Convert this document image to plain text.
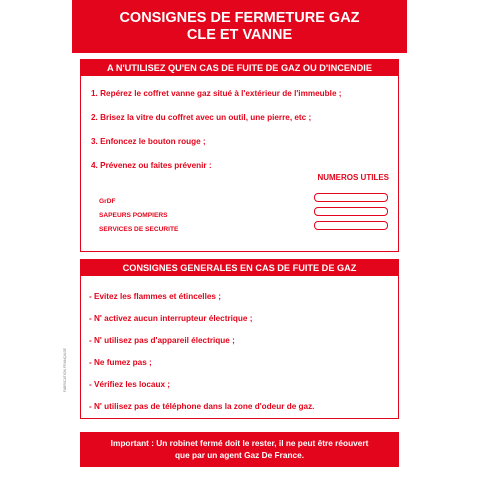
CONSIGNES DE FERMETURE GAZ
CLE ET VANNE
A N'UTILISEZ QU'EN CAS DE FUITE DE GAZ OU D'INCENDIE
1. Repérez le coffret vanne gaz situé à l'extérieur de l'immeuble ;
2. Brisez la vitre du coffret avec un outil, une pierre, etc ;
3. Enfoncez le bouton rouge ;
4. Prévenez ou faites prévenir :
NUMEROS UTILES
GrDF
SAPEURS POMPIERS
SERVICES DE SECURITE
CONSIGNES GENERALES EN CAS DE FUITE DE GAZ
- Evitez les flammes et étincelles ;
- N' activez aucun interrupteur électrique ;
- N' utilisez pas d'appareil électrique ;
- Ne fumez pas ;
- Vérifiez les locaux ;
- N' utilisez pas de téléphone dans la zone d'odeur de gaz.
Important : Un robinet fermé doit le rester, il ne peut être réouvert
que par un agent Gaz De France.
FABRICATION FRANÇAISE
